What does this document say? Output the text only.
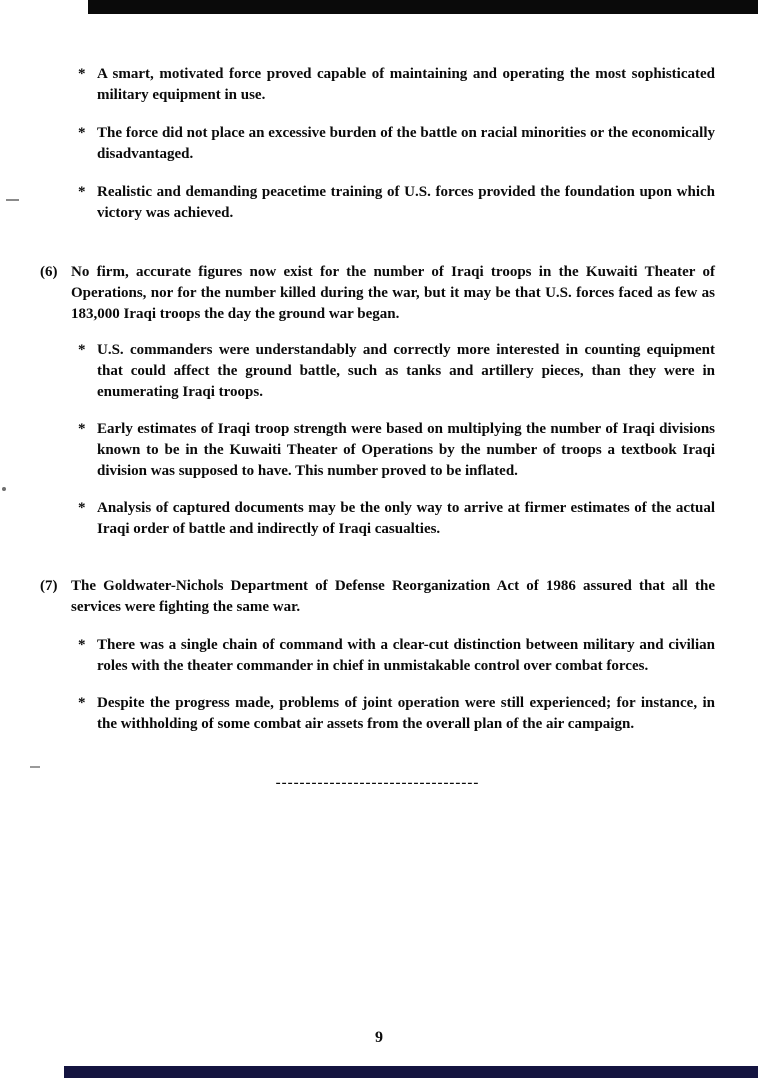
* A smart, motivated force proved capable of maintaining and operating the most sophisticated military equipment in use.

* The force did not place an excessive burden of the battle on racial minorities or the economically disadvantaged.

* Realistic and demanding peacetime training of U.S. forces provided the foundation upon which victory was achieved.

(6) No firm, accurate figures now exist for the number of Iraqi troops in the Kuwaiti Theater of Operations, nor for the number killed during the war, but it may be that U.S. forces faced as few as 183,000 Iraqi troops the day the ground war began.

* U.S. commanders were understandably and correctly more interested in counting equipment that could affect the ground battle, such as tanks and artillery pieces, than they were in enumerating Iraqi troops.

* Early estimates of Iraqi troop strength were based on multiplying the number of Iraqi divisions known to be in the Kuwaiti Theater of Operations by the number of troops a textbook Iraqi division was supposed to have. This number proved to be inflated.

* Analysis of captured documents may be the only way to arrive at firmer estimates of the actual Iraqi order of battle and indirectly of Iraqi casualties.

(7) The Goldwater-Nichols Department of Defense Reorganization Act of 1986 assured that all the services were fighting the same war.

* There was a single chain of command with a clear-cut distinction between military and civilian roles with the theater commander in chief in unmistakable control over combat forces.

* Despite the progress made, problems of joint operation were still experienced; for instance, in the withholding of some combat air assets from the overall plan of the air campaign.

----------------------------------
9
